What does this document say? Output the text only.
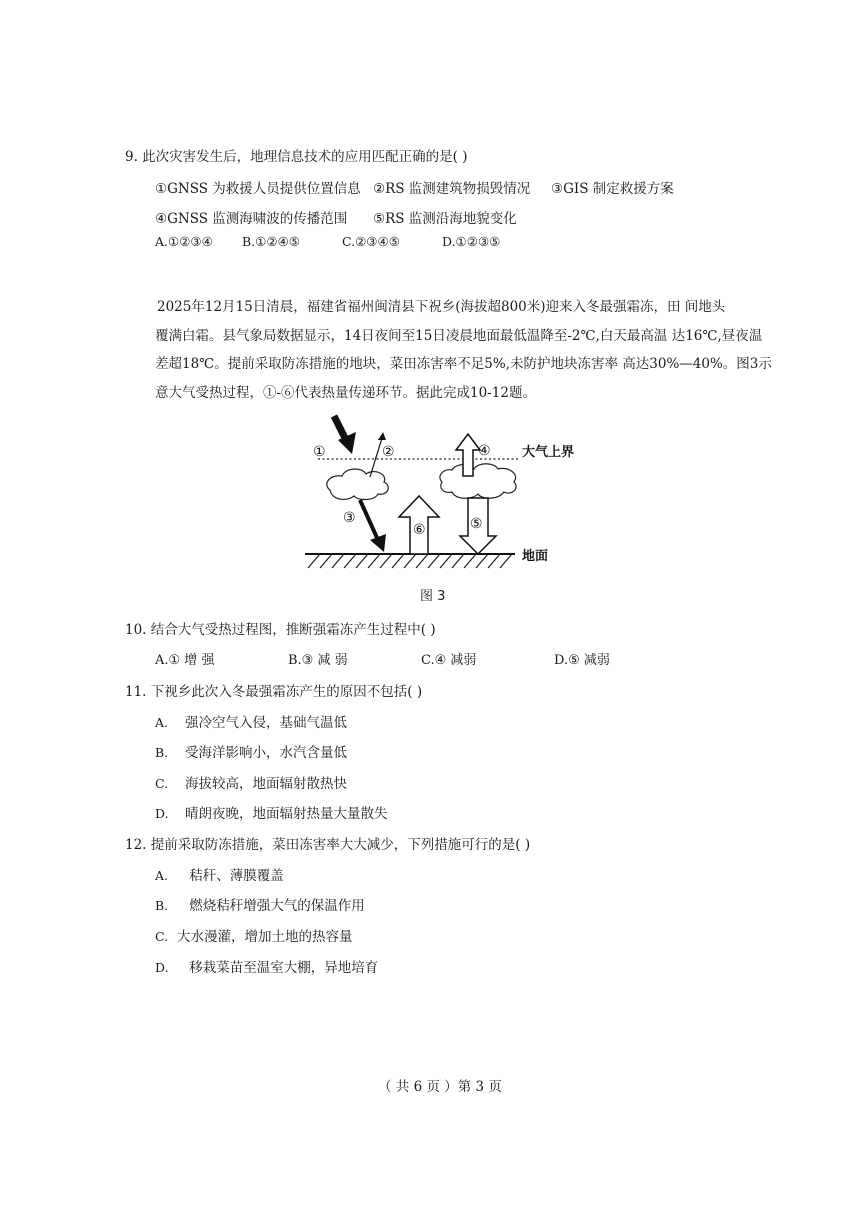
9. 此次灾害发生后，地理信息技术的应用匹配正确的是( )
①GNSS 为救援人员提供位置信息 ②RS 监测建筑物损毁情况 ③GIS 制定救援方案
④GNSS 监测海啸波的传播范围 ⑤RS 监测沿海地貌变化
A.①②③④ B.①②④⑤	C.②③④⑤	D.①②③⑤
2025年12月15日清晨，福建省福州闽清县下祝乡(海拔超800米)迎来入冬最强霜冻，田 间地头
覆满白霜。县气象局数据显示，14日夜间至15日凌晨地面最低温降至-2℃,白天最高温 达16℃,昼夜温
差超18℃。提前采取防冻措施的地块，菜田冻害率不足5%,未防护地块冻害率 高达30%—40%。图3示
意大气受热过程，①-⑥代表热量传递环节。据此完成10-12题。
①	②
③
④
⑤
⑥
大气上界
地面
图 3
10. 结合大气受热过程图，推断强霜冻产生过程中( )
A.① 增 强	B.③ 减 弱	C.④ 减弱	D.⑤ 减弱
11. 下视乡此次入冬最强霜冻产生的原因不包括( )
A. 强冷空气入侵，基础气温低
B. 受海洋影响小，水汽含量低
C. 海拔较高，地面辐射散热快
D. 晴朗夜晚，地面辐射热量大量散失
12. 提前采取防冻措施，菜田冻害率大大减少，下列措施可行的是( )
A. 秸秆、薄膜覆盖
B. 燃烧秸秆增强大气的保温作用
C. 大水漫灌，增加土地的热容量
D. 移栽菜苗至温室大棚，异地培育
（ 共 6 页 ）第 3 页
